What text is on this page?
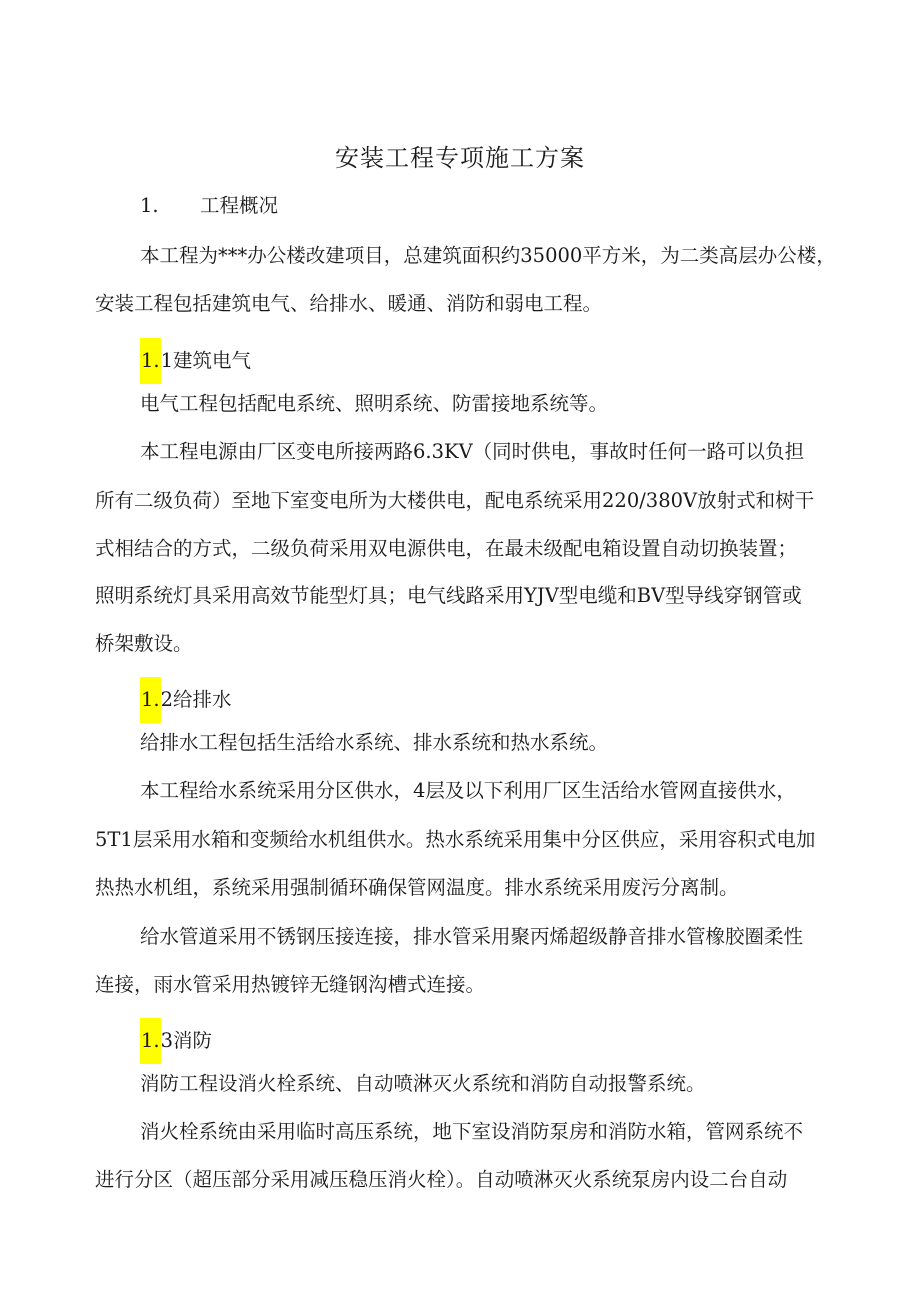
安装工程专项施工方案
1. 工程概况
本工程为***办公楼改建项目，总建筑面积约35000平方米，为二类高层办公楼，
安装工程包括建筑电气、给排水、暖通、消防和弱电工程。
1.1建筑电气
电气工程包括配电系统、照明系统、防雷接地系统等。
本工程电源由厂区变电所接两路6.3KV（同时供电，事故时任何一路可以负担
所有二级负荷）至地下室变电所为大楼供电，配电系统采用220/380V放射式和树干
式相结合的方式，二级负荷采用双电源供电，在最未级配电箱设置自动切换装置；
照明系统灯具采用高效节能型灯具；电气线路采用YJV型电缆和BV型导线穿钢管或
桥架敷设。
1.2给排水
给排水工程包括生活给水系统、排水系统和热水系统。
本工程给水系统采用分区供水，4层及以下利用厂区生活给水管网直接供水，
5T1层采用水箱和变频给水机组供水。热水系统采用集中分区供应，采用容积式电加
热热水机组，系统采用强制循环确保管网温度。排水系统采用废污分离制。
给水管道采用不锈钢压接连接，排水管采用聚丙烯超级静音排水管橡胶圈柔性
连接，雨水管采用热镀锌无缝钢沟槽式连接。
1.3消防
消防工程设消火栓系统、自动喷淋灭火系统和消防自动报警系统。
消火栓系统由采用临时高压系统，地下室设消防泵房和消防水箱，管网系统不
进行分区（超压部分采用减压稳压消火栓）。自动喷淋灭火系统泵房内设二台自动
